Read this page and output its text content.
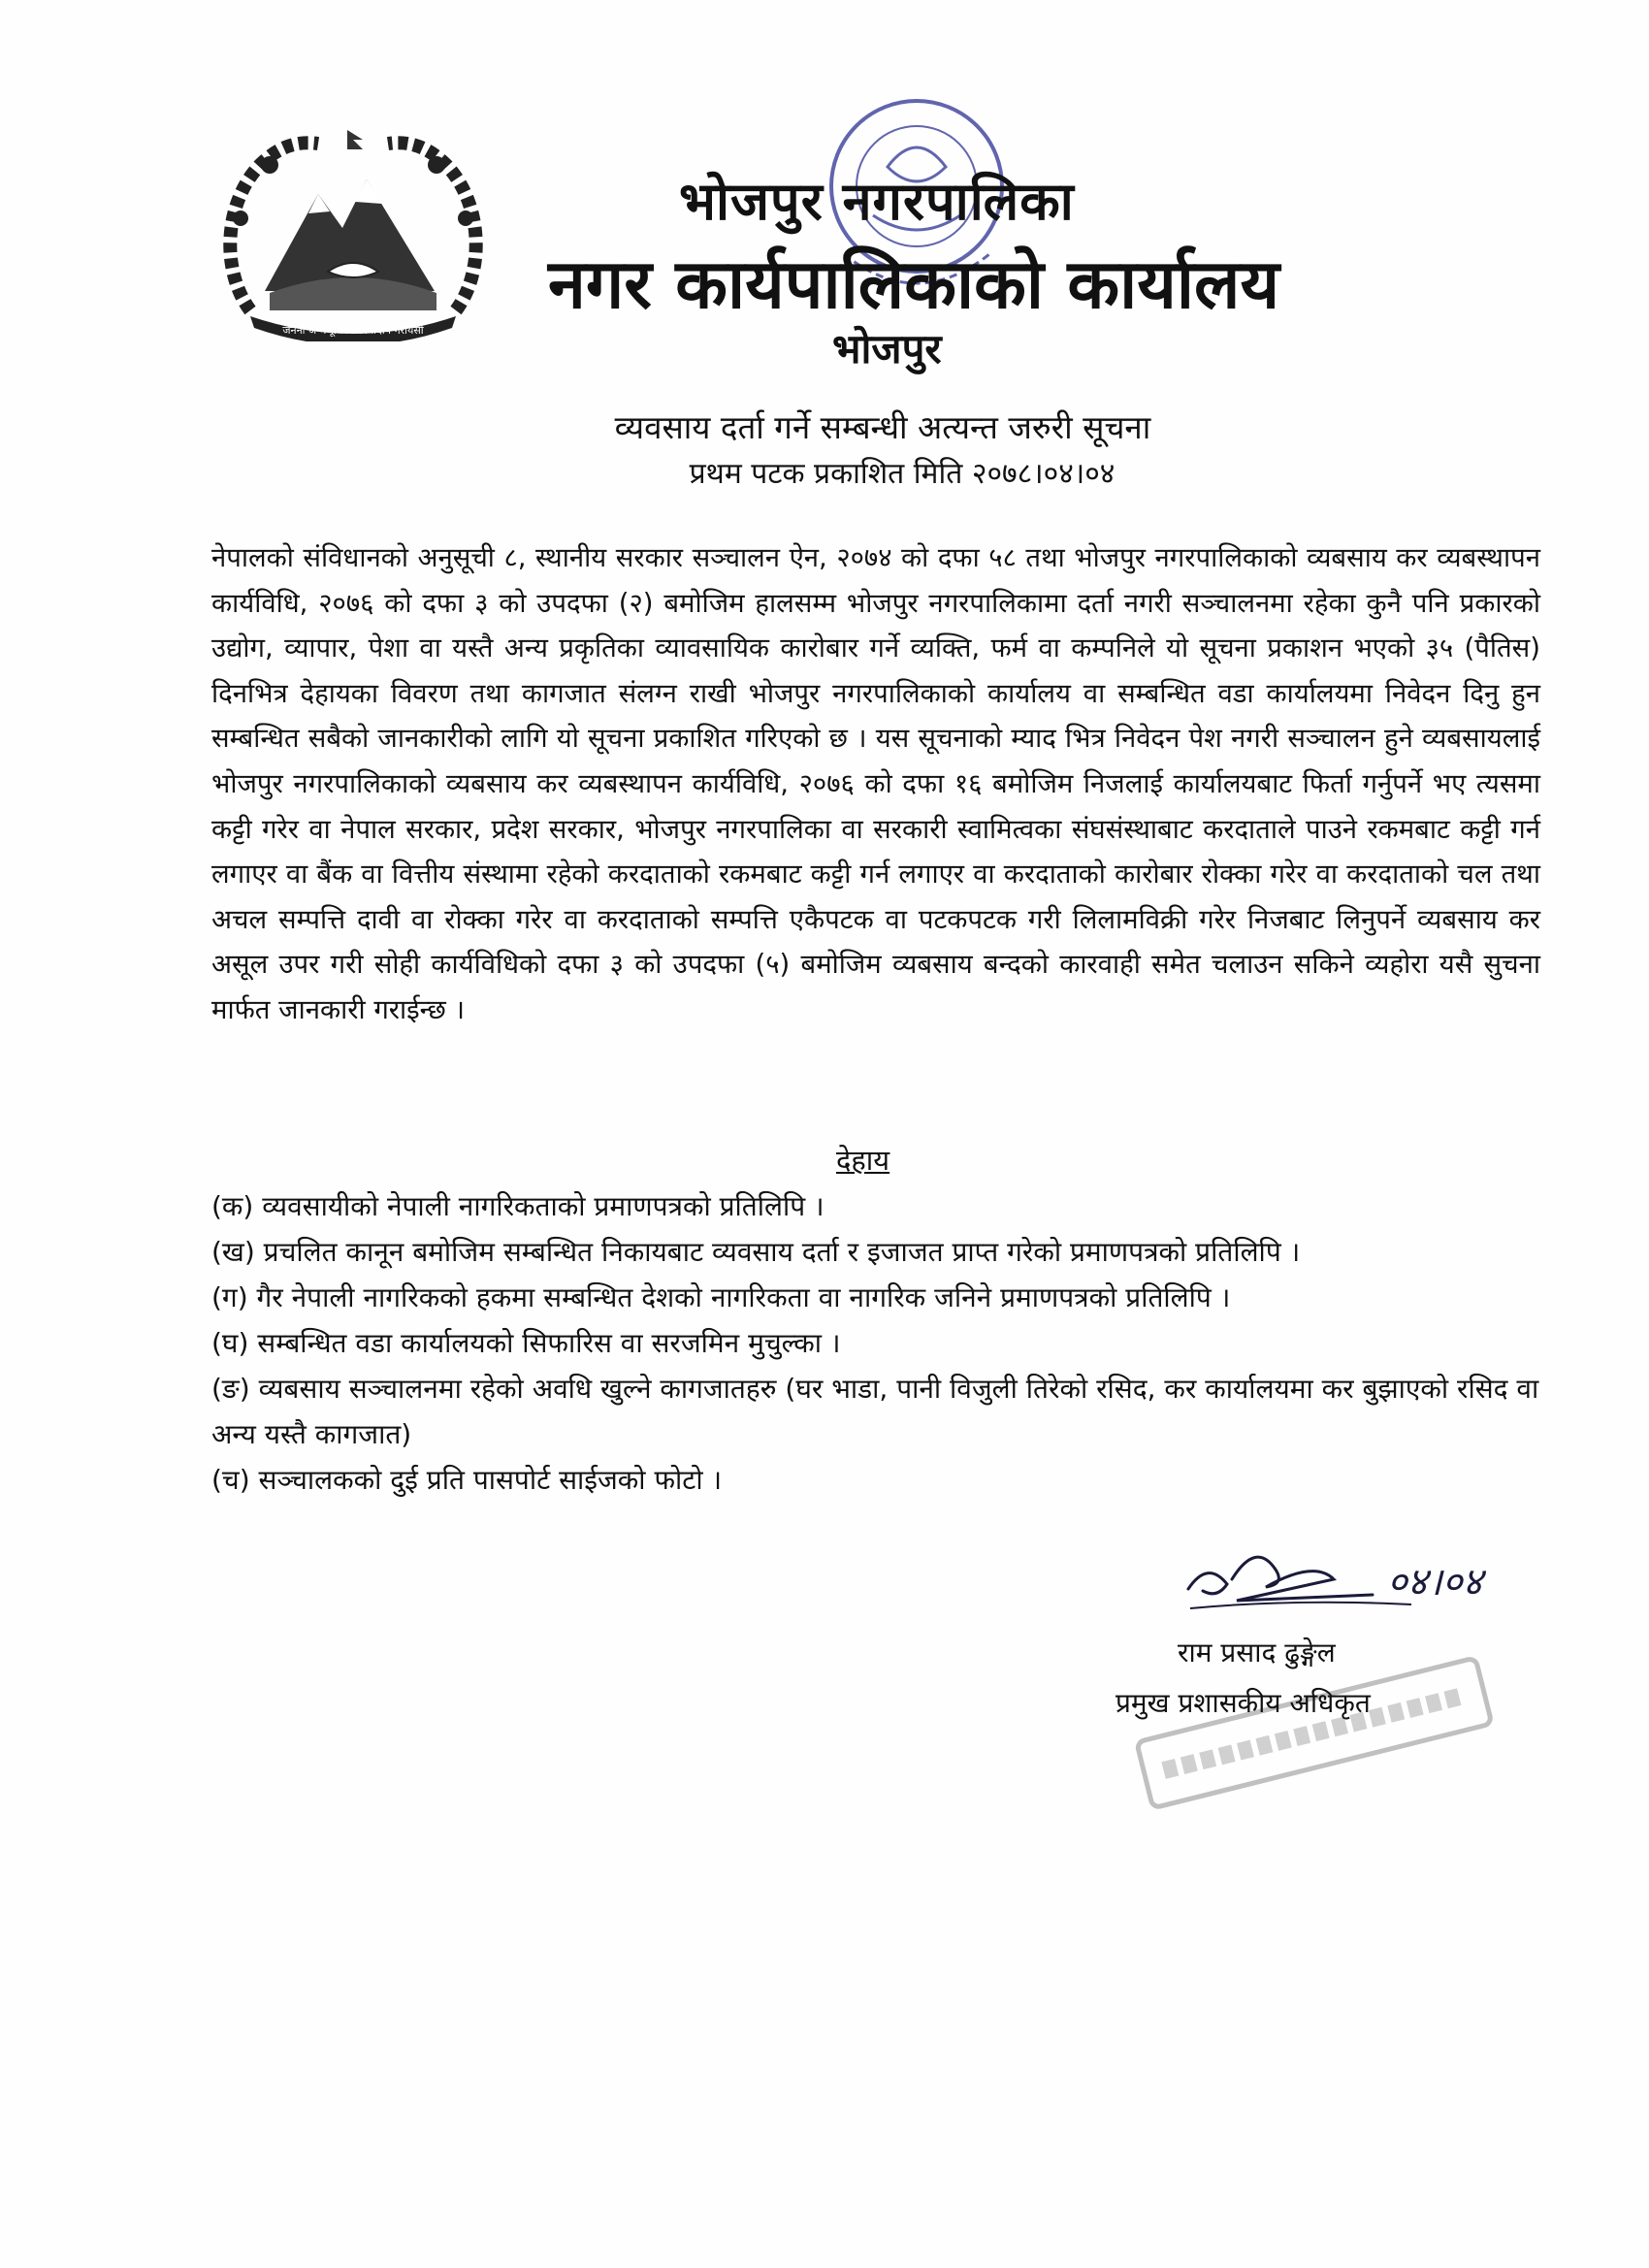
जननी जन्मभूमिश्च स्वर्गादपि गरीयसी
भोजपुर नगरपालिका
नगर कार्यपालिकाको कार्यालय
भोजपुर
व्यवसाय दर्ता गर्ने सम्बन्धी अत्यन्त जरुरी सूचना
प्रथम पटक प्रकाशित मिति २०७८।०४।०४
नेपालको संविधानको अनुसूची ८, स्थानीय सरकार सञ्चालन ऐन, २०७४ को दफा ५८ तथा भोजपुर नगरपालिकाको व्यबसाय कर व्यबस्थापन कार्यविधि, २०७६ को दफा ३ को उपदफा (२) बमोजिम हालसम्म भोजपुर नगरपालिकामा दर्ता नगरी सञ्चालनमा रहेका कुनै पनि प्रकारको उद्योग, व्यापार, पेशा वा यस्तै अन्य प्रकृतिका व्यावसायिक कारोबार गर्ने व्यक्ति, फर्म वा कम्पनिले यो सूचना प्रकाशन भएको ३५ (पैतिस) दिनभित्र देहायका विवरण तथा कागजात संलग्न राखी भोजपुर नगरपालिकाको कार्यालय वा सम्बन्धित वडा कार्यालयमा निवेदन दिनु हुन सम्बन्धित सबैको जानकारीको लागि यो सूचना प्रकाशित गरिएको छ । यस सूचनाको म्याद भित्र निवेदन पेश नगरी सञ्चालन हुने व्यबसायलाई भोजपुर नगरपालिकाको व्यबसाय कर व्यबस्थापन कार्यविधि, २०७६ को दफा १६ बमोजिम निजलाई कार्यालयबाट फिर्ता गर्नुपर्ने भए त्यसमा कट्टी गरेर वा नेपाल सरकार, प्रदेश सरकार, भोजपुर नगरपालिका वा सरकारी स्वामित्वका संघसंस्थाबाट करदाताले पाउने रकमबाट कट्टी गर्न लगाएर वा बैंक वा वित्तीय संस्थामा रहेको करदाताको रकमबाट कट्टी गर्न लगाएर वा करदाताको कारोबार रोक्का गरेर वा करदाताको चल तथा अचल सम्पत्ति दावी वा रोक्का गरेर वा करदाताको सम्पत्ति एकैपटक वा पटकपटक गरी लिलामविक्री गरेर निजबाट लिनुपर्ने व्यबसाय कर असूल उपर गरी सोही कार्यविधिको दफा ३ को उपदफा (५) बमोजिम व्यबसाय बन्दको कारवाही समेत चलाउन सकिने व्यहोरा यसै सुचना मार्फत जानकारी गराईन्छ ।
देहाय

(क) व्यवसायीको नेपाली नागरिकताको प्रमाणपत्रको प्रतिलिपि ।

(ख) प्रचलित कानून बमोजिम सम्बन्धित निकायबाट व्यवसाय दर्ता र इजाजत प्राप्त गरेको प्रमाणपत्रको प्रतिलिपि ।

(ग) गैर नेपाली नागरिकको हकमा सम्बन्धित देशको नागरिकता वा नागरिक जनिने प्रमाणपत्रको प्रतिलिपि ।

(घ) सम्बन्धित वडा कार्यालयको सिफारिस वा सरजमिन मुचुल्का ।

(ङ) व्यबसाय सञ्चालनमा रहेको अवधि खुल्ने कागजातहरु (घर भाडा, पानी विजुली तिरेको रसिद, कर कार्यालयमा कर बुझाएको रसिद वा अन्य यस्तै कागजात)

(च) सञ्चालकको दुई प्रति पासपोर्ट साईजको फोटो ।

०४।०४
राम प्रसाद ढुङ्गेल
प्रमुख प्रशासकीय अधिकृत
